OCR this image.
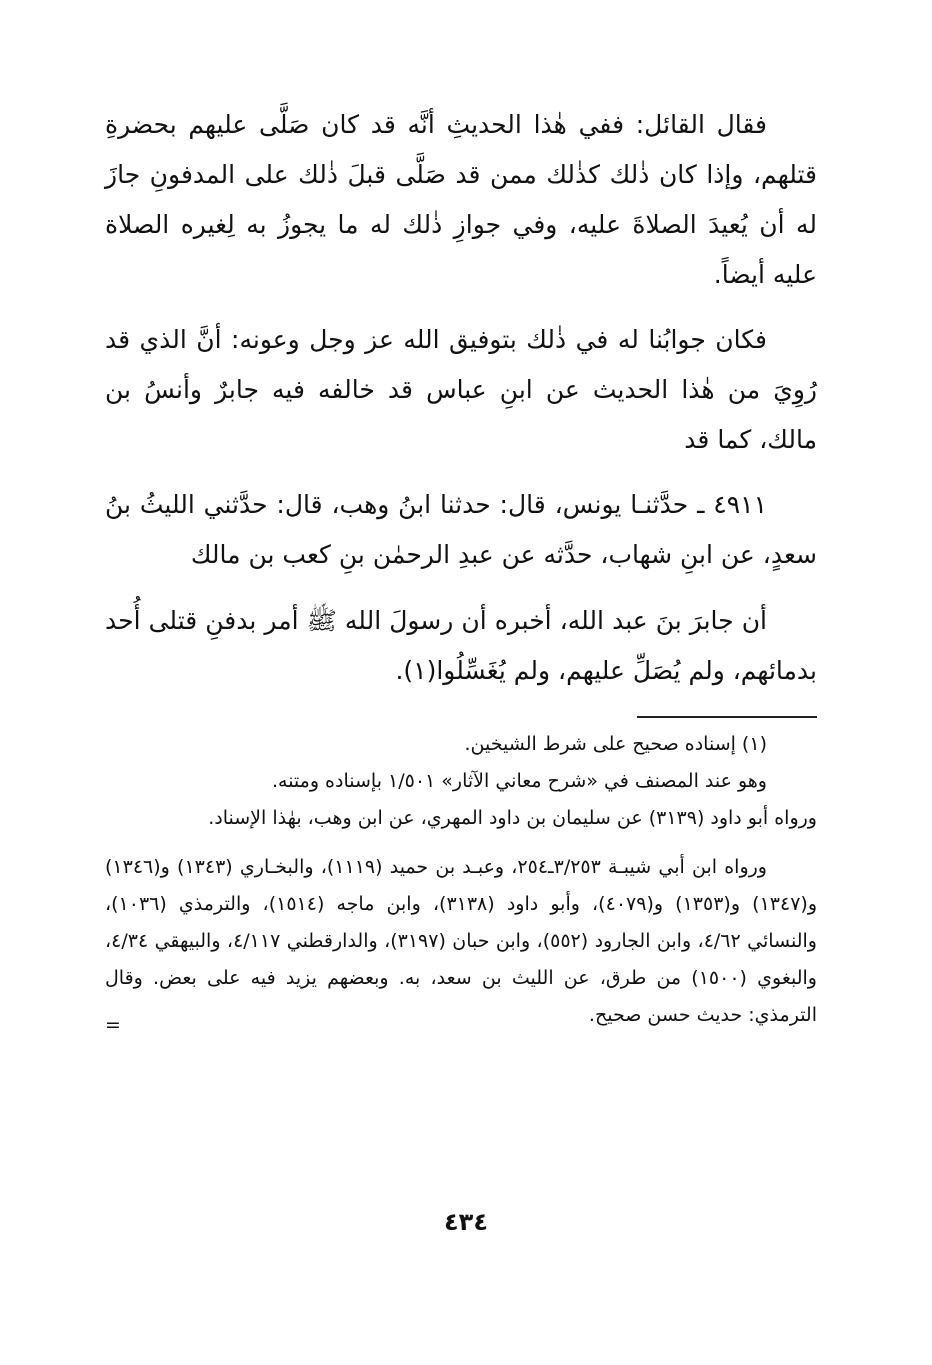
فقال القائل: ففي هٰذا الحديثِ أنَّه قد كان صَلَّى عليهم بحضرةِ قتلهم، وإذا كان ذٰلك كذٰلك ممن قد صَلَّى قبلَ ذٰلك على المدفونِ جازَ له أن يُعيدَ الصلاةَ عليه، وفي جوازِ ذٰلك له ما يجوزُ به لِغيره الصلاة عليه أيضاً.

فكان جوابُنا له في ذٰلك بتوفيق الله عز وجل وعونه: أنَّ الذي قد رُوِيَ من هٰذا الحديث عن ابنِ عباس قد خالفه فيه جابرٌ وأنسُ بن مالك، كما قد

٤٩١١ ـ حدَّثنـا يونس، قال: حدثنا ابنُ وهب، قال: حدَّثني الليثُ بنُ سعدٍ، عن ابنِ شهاب، حدَّثه عن عبدِ الرحمٰن بنِ كعب بن مالك

أن جابرَ بنَ عبد الله، أخبره أن رسولَ الله ﷺ أمر بدفنِ قتلى أُحد بدمائهم، ولم يُصَلِّ عليهم، ولم يُغَسِّلُوا(١).

(١) إسناده صحيح على شرط الشيخين.

وهو عند المصنف في «شرح معاني الآثار» ١/٥٠١ بإسناده ومتنه.

ورواه أبو داود (٣١٣٩) عن سليمان بن داود المهري، عن ابن وهب، بهٰذا الإسناد.

ورواه ابن أبي شيبـة ٣/٢٥٣ـ٢٥٤، وعبـد بن حميد (١١١٩)، والبخـاري (١٣٤٣) و(١٣٤٦) و(١٣٤٧) و(١٣٥٣) و(٤٠٧٩)، وأبو داود (٣١٣٨)، وابن ماجه (١٥١٤)، والترمذي (١٠٣٦)، والنسائي ٤/٦٢، وابن الجارود (٥٥٢)، وابن حبان (٣١٩٧)، والدارقطني ٤/١١٧، والبيهقي ٤/٣٤، والبغوي (١٥٠٠) من طرق، عن الليث بن سعد، به. وبعضهم يزيد فيه على بعض. وقال الترمذي: حديث حسن صحيح.

=
٤٣٤
